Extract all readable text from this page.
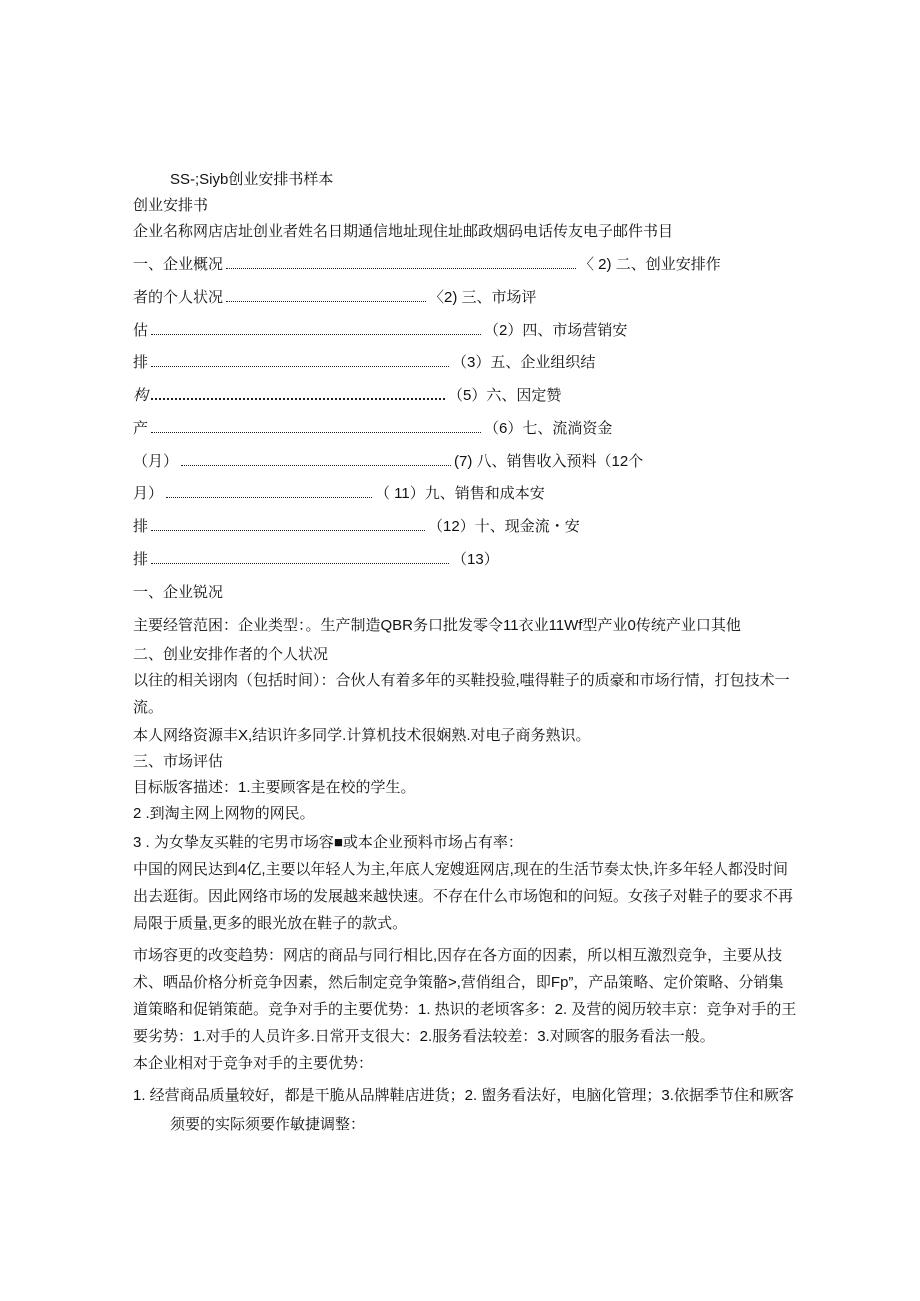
SS-;Siyb创业安排书样本
创业安排书
企业名称网店店址创业者姓名日期通信地址现住址邮政烟码电话传友电子邮件书目
一、企业概况	〈 2) 二、创业安排作
者的个人状况	〈2) 三、市场评
估	（2）四、市场营销安
排	（3）五、企业组织结
构	（5）六、因定赞
产	（6）七、流淌资金
（月）	(7) 八、销售收入预料（12个
月）	（ 11）九、销售和成本安
排	（12）十、现金流・安
排	（13）
一、企业锐况
主要经管范困：企业类型：。生产制造QBR务口批发零令11衣业11Wf型产业0传统产业口其他
二、创业安排作者的个人状况
以往的相关诩肉（包括时间）：合伙人有着多年的买鞋投验,嗤得鞋子的质豪和市场行情，打包技术一
流。
本人网络资源丰X,结识许多同学.计算机技术很娴熟.对电子商务熟识。
三、市场评估
目标版客描述：1.主要顾客是在校的学生。
2 .到淘主网上网物的网民。
3 . 为女挚友买鞋的宅男市场容■或本企业预料市场占有率：
中国的网民达到4亿,主要以年轻人为主,年底人宠嫂逛网店,现在的生活节奏太快,许多年轻人都没时间
出去逛街。因此网络市场的发展越来越快速。不存在什么市场饱和的问短。女孩子对鞋子的要求不再
局限于质量,更多的眼光放在鞋子的款式。
市场容更的改变趋势：网店的商品与同行相比,因存在各方面的因素，所以相互激烈竞争，主要从技
术、晒品价格分析竞争因素，然后制定竞争策骼>,营俏组合，即Fp”，产品策略、定价策略、分销集
道策略和促销策葩。竞争对手的主要优势：1. 热识的老顷客多：2. 及营的阅历较丰京：竞争对手的王
要劣势：1.对手的人员许多.日常开支很大：2.服务看法较差：3.对顾客的服务看法一般。
本企业相对于竞争对手的主要优势：
1. 经营商品质量较好，都是干脆从品牌鞋店进货；2. 盥务看法好，电脑化管理；3.依据季节住和厥客
须要的实际须要作敏捷调整：
